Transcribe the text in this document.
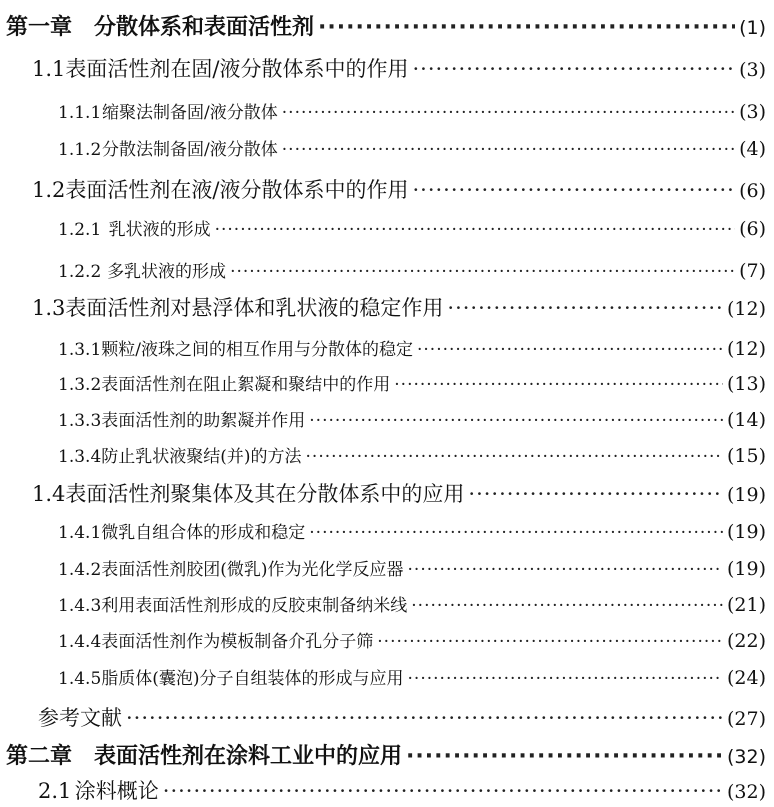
第一章 分散体系和表面活性剂 ·····	(1)
1.1 表面活性剂在固/液分散体系中的作用 ·····	(3)
1.1.1 缩聚法制备固/液分散体 ·····	(3)
1.1.2 分散法制备固/液分散体 ·····	(4)
1.2 表面活性剂在液/液分散体系中的作用 ·····	(6)
1.2.1 乳状液的形成 ·····	(6)
1.2.2 多乳状液的形成 ·····	(7)
1.3 表面活性剂对悬浮体和乳状液的稳定作用 ·····	(12)
1.3.1 颗粒/液珠之间的相互作用与分散体的稳定 ·····	(12)
1.3.2 表面活性剂在阻止絮凝和聚结中的作用 ·····	(13)
1.3.3 表面活性剂的助絮凝并作用 ·····	(14)
1.3.4 防止乳状液聚结(并)的方法 ·····	(15)
1.4 表面活性剂聚集体及其在分散体系中的应用 ·····	(19)
1.4.1 微乳自组合体的形成和稳定 ·····	(19)
1.4.2 表面活性剂胶团(微乳)作为光化学反应器 ·····	(19)
1.4.3 利用表面活性剂形成的反胶束制备纳米线 ·····	(21)
1.4.4 表面活性剂作为模板制备介孔分子筛 ·····	(22)
1.4.5 脂质体(囊泡)分子自组装体的形成与应用 ·····	(24)
参考文献 ·····	(27)
第二章 表面活性剂在涂料工业中的应用 ·····	(32)
2.1 涂料概论 ·····	(32)
